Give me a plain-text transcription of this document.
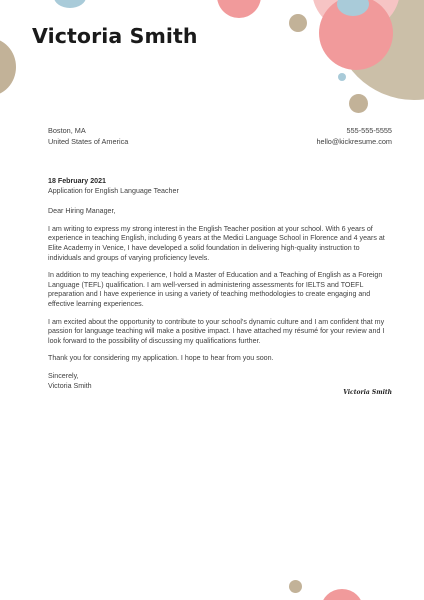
Victoria Smith
Boston, MA
United States of America
555-555-5555
hello@kickresume.com
18 February 2021
Application for English Language Teacher

Dear Hiring Manager,

I am writing to express my strong interest in the English Teacher position at your school. With 6 years of experience in teaching English, including 6 years at the Medici Language School in Florence and 4 years at Elite Academy in Venice, I have developed a solid foundation in delivering high-quality instruction to individuals and groups of varying proficiency levels.

In addition to my teaching experience, I hold a Master of Education and a Teaching of English as a Foreign Language (TEFL) qualification. I am well-versed in administering assessments for IELTS and TOEFL preparation and I have experience in using a variety of teaching methodologies to create engaging and effective learning experiences.

I am excited about the opportunity to contribute to your school's dynamic culture and I am confident that my passion for language teaching will make a positive impact. I have attached my résumé for your review and I look forward to the possibility of discussing my qualifications further.

Thank you for considering my application. I hope to hear from you soon.

Sincerely,
Victoria Smith
Victoria Smith
